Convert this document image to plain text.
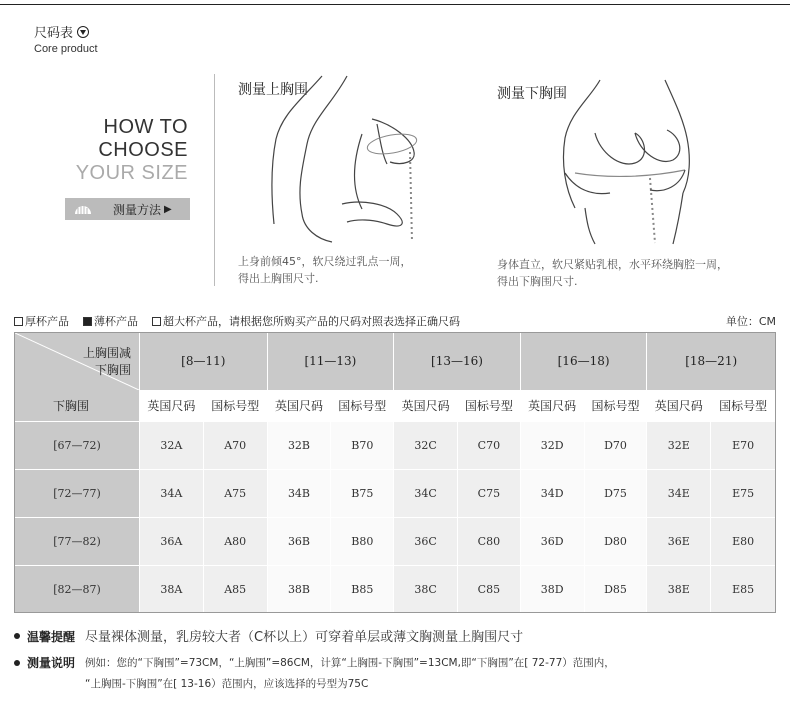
尺码表
Core product
HOW TO
CHOOSE
YOUR SIZE
测量方法 ▶
测量上胸围
上身前倾45°，软尺绕过乳点一周，
得出上胸围尺寸.
测量下胸围
身体直立，软尺紧贴乳根，水平环绕胸腔一周，
得出下胸围尺寸.
厚杯产品 薄杯产品 超大杯产品，请根据您所购买产品的尺码对照表选择正确尺码	单位：CM
上胸围减
下胸围
下胸围	[8—11)		[11—13)		[13—16)		[16—18)		[18—21)	
	英国尺码	国标号型	英国尺码	国标号型	英国尺码	国标号型	英国尺码	国标号型	英国尺码	国标号型
[67—72)	32A	A70	32B	B70	32C	C70	32D	D70	32E	E70
[72—77)	34A	A75	34B	B75	34C	C75	34D	D75	34E	E75
[77—82)	36A	A80	36B	B80	36C	C80	36D	D80	36E	E80
[82—87)	38A	A85	38B	B85	38C	C85	38D	D85	38E	E85
温馨提醒 尽量裸体测量，乳房较大者（C杯以上）可穿着单层或薄文胸测量上胸围尺寸
测量说明 例如：您的“下胸围”=73CM，“上胸围”=86CM，计算“上胸围-下胸围”=13CM,即“下胸围”在[ 72-77）范围内，
“上胸围-下胸围”在[ 13-16）范围内，应该选择的号型为75C
